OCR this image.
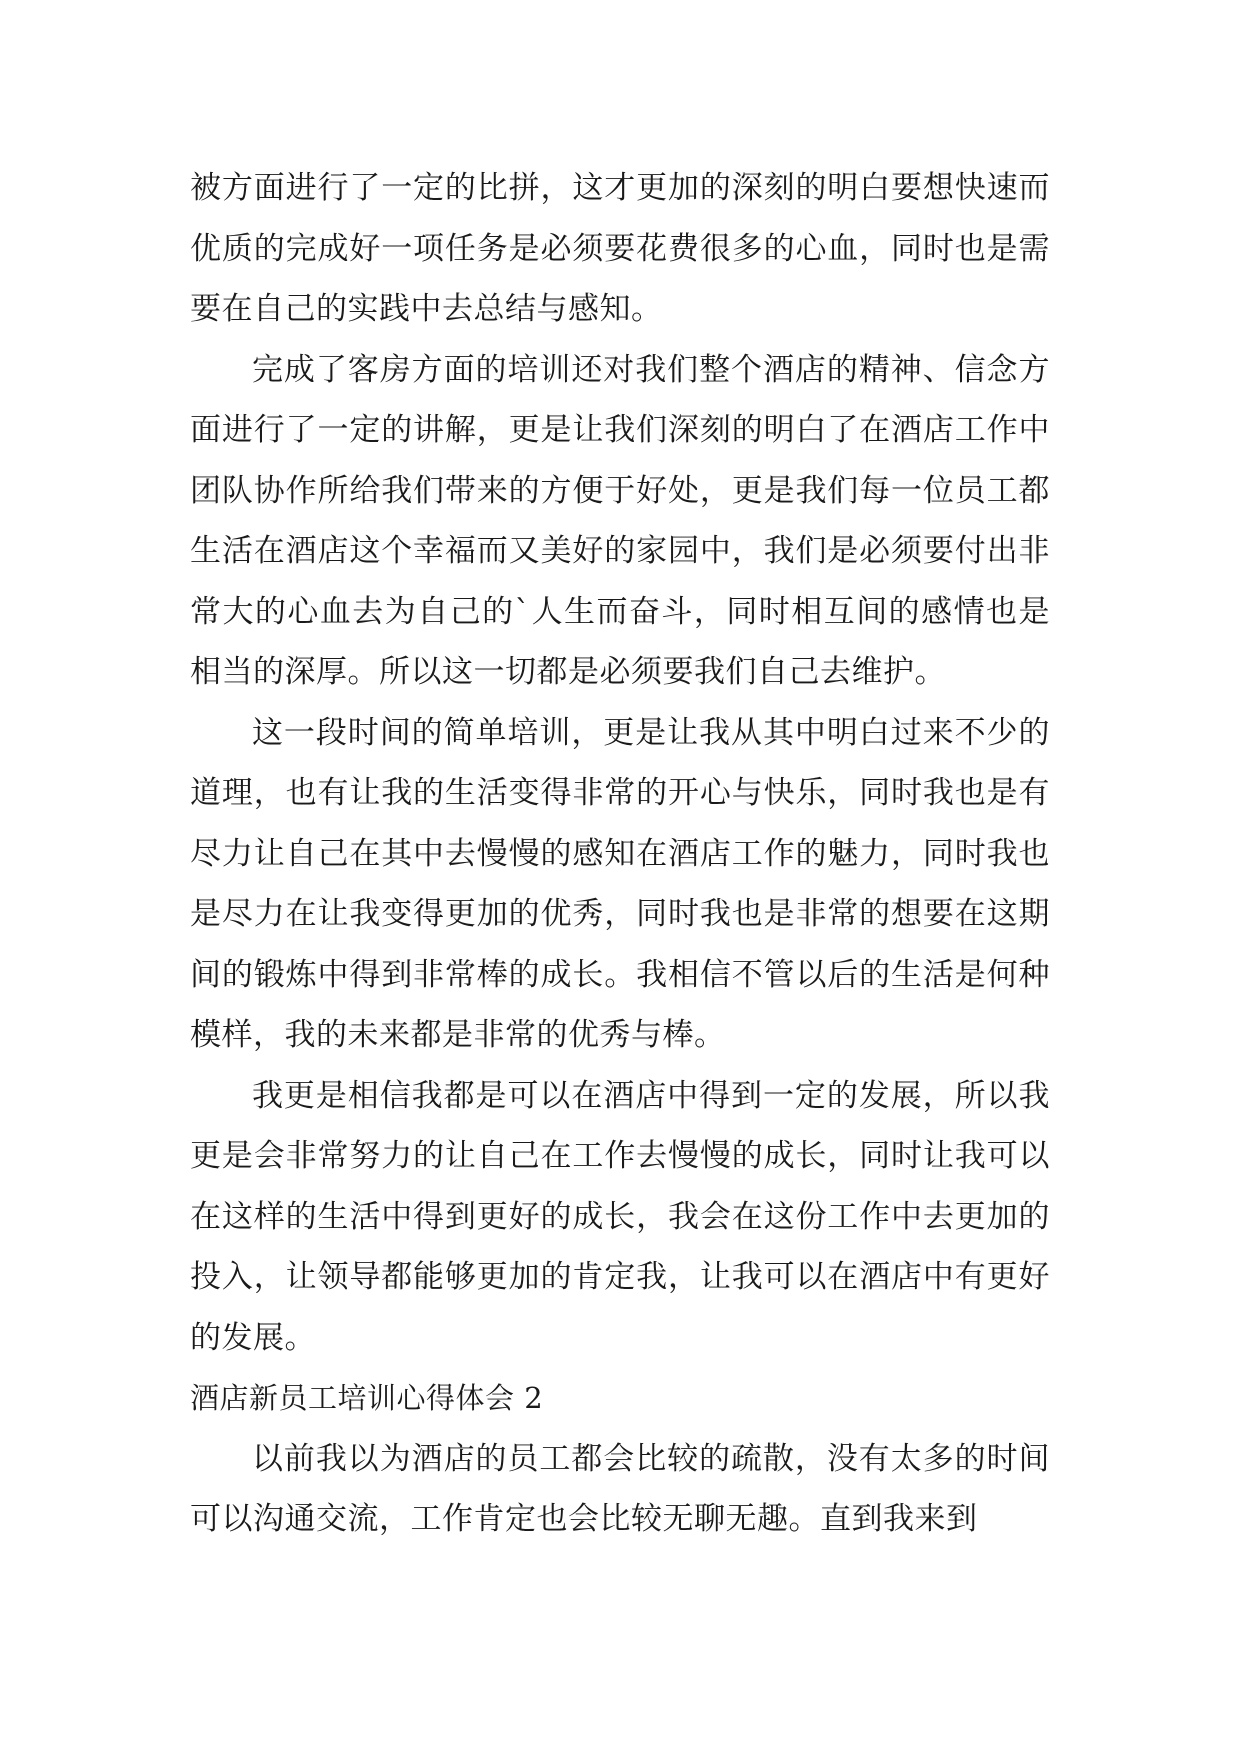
被方面进行了一定的比拼，这才更加的深刻的明白要想快速而优质的完成好一项任务是必须要花费很多的心血，同时也是需要在自己的实践中去总结与感知。

完成了客房方面的培训还对我们整个酒店的精神、信念方面进行了一定的讲解，更是让我们深刻的明白了在酒店工作中团队协作所给我们带来的方便于好处，更是我们每一位员工都生活在酒店这个幸福而又美好的家园中，我们是必须要付出非常大的心血去为自己的`人生而奋斗，同时相互间的感情也是相当的深厚。所以这一切都是必须要我们自己去维护。

这一段时间的简单培训，更是让我从其中明白过来不少的道理，也有让我的生活变得非常的开心与快乐，同时我也是有尽力让自己在其中去慢慢的感知在酒店工作的魅力，同时我也是尽力在让我变得更加的优秀，同时我也是非常的想要在这期间的锻炼中得到非常棒的成长。我相信不管以后的生活是何种模样，我的未来都是非常的优秀与棒。

我更是相信我都是可以在酒店中得到一定的发展，所以我更是会非常努力的让自己在工作去慢慢的成长，同时让我可以在这样的生活中得到更好的成长，我会在这份工作中去更加的投入，让领导都能够更加的肯定我，让我可以在酒店中有更好的发展。

酒店新员工培训心得体会 2

以前我以为酒店的员工都会比较的疏散，没有太多的时间可以沟通交流，工作肯定也会比较无聊无趣。直到我来到
